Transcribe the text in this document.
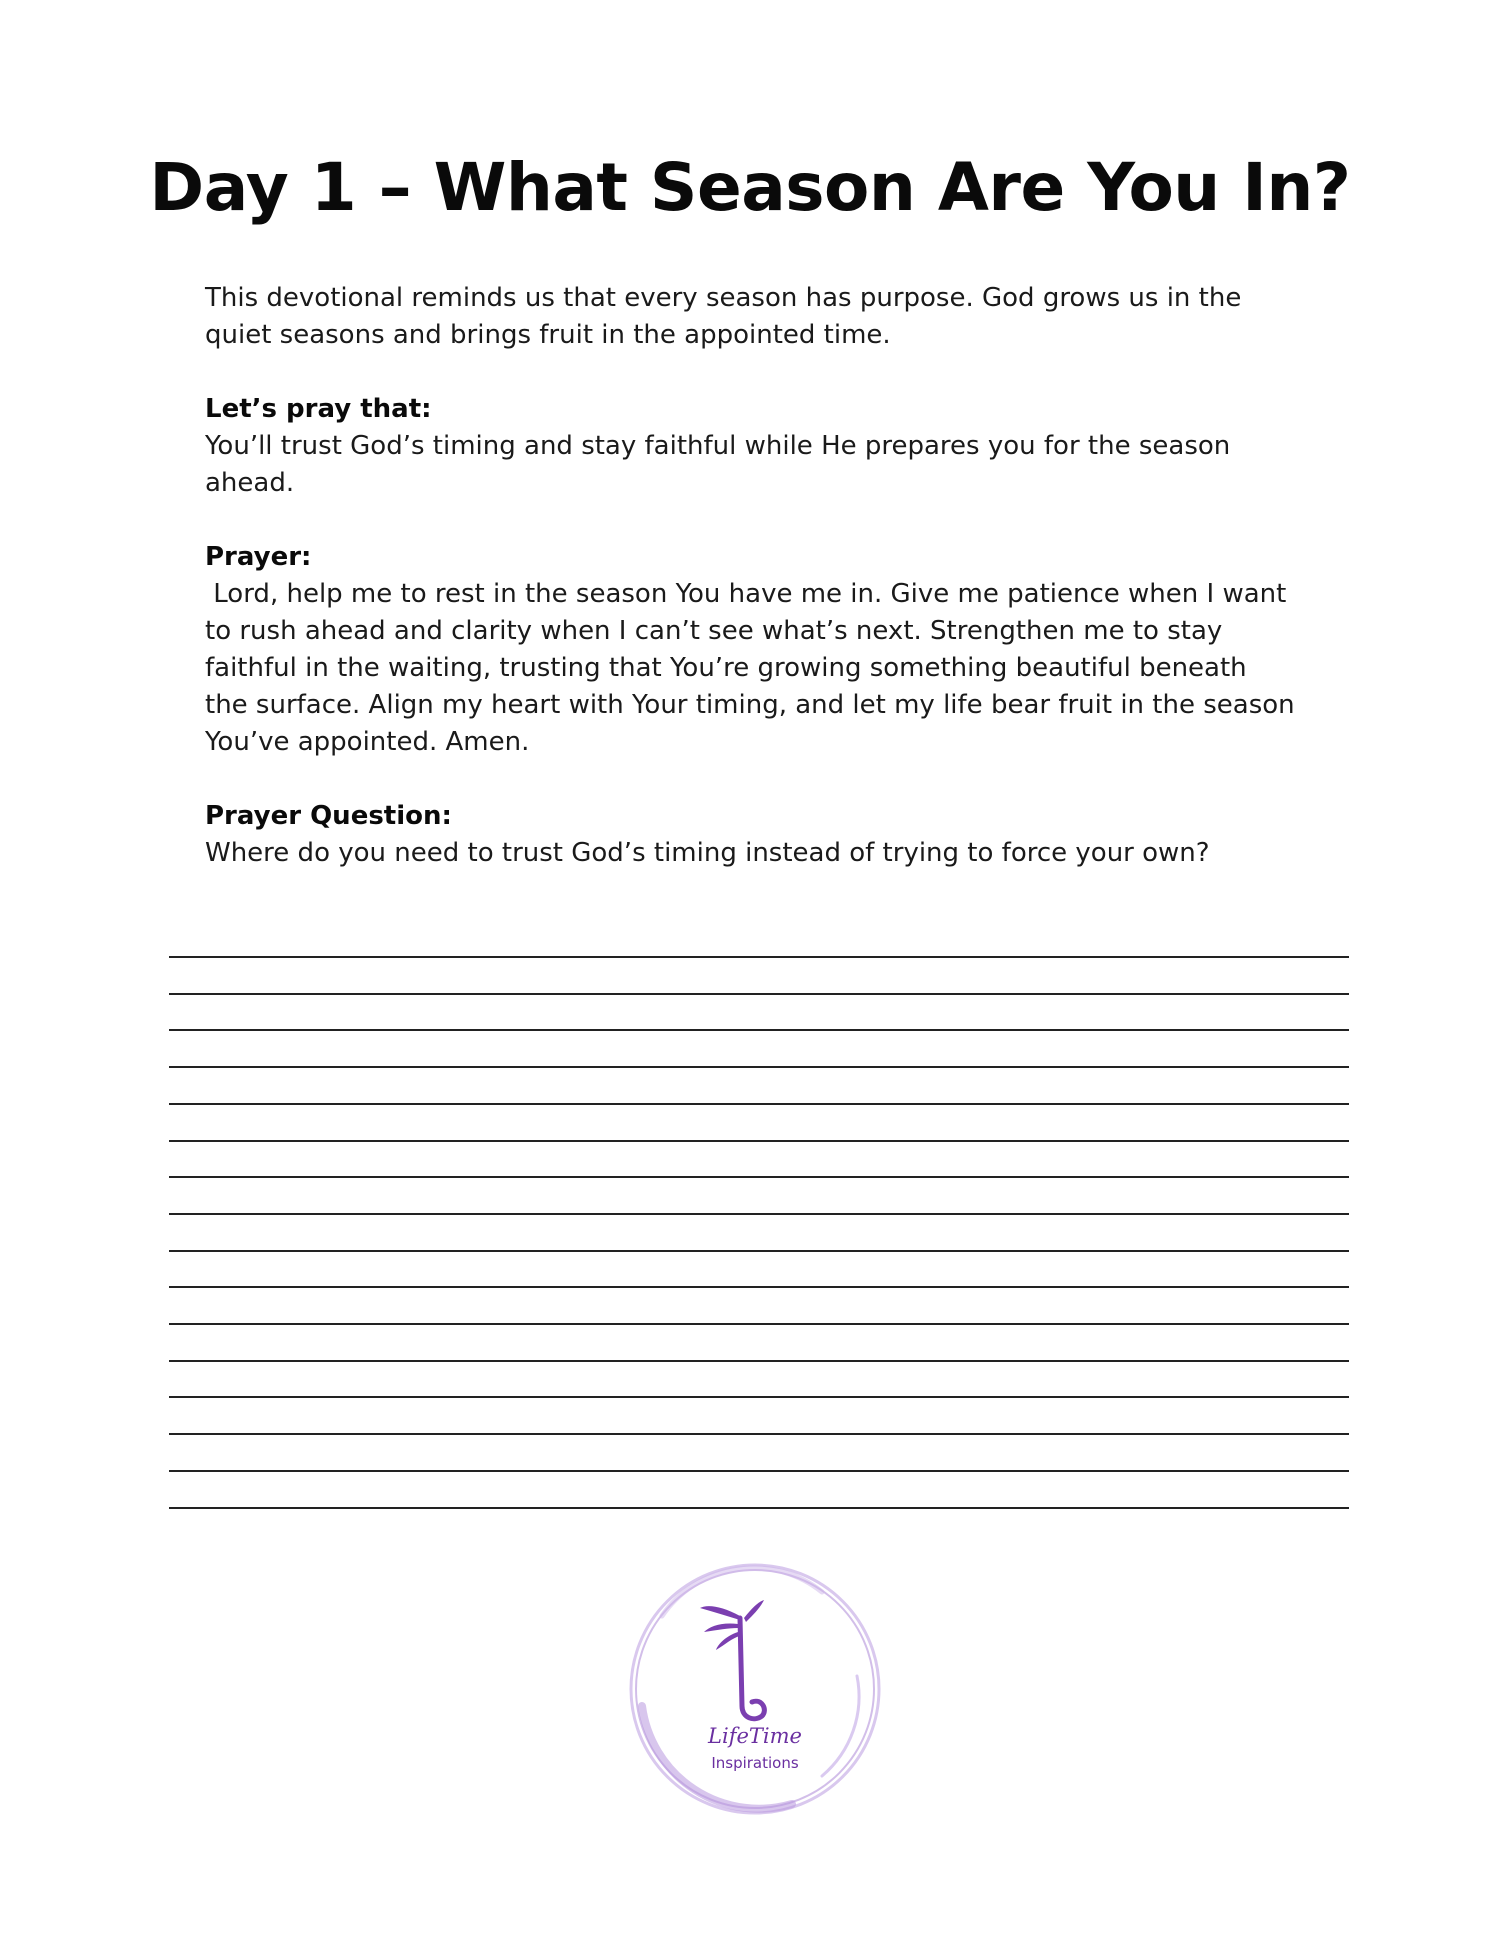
Day 1 – What Season Are You In?

This devotional reminds us that every season has purpose. God grows us in the
quiet seasons and brings fruit in the appointed time.

Let’s pray that:

You’ll trust God’s timing and stay faithful while He prepares you for the season
ahead.

Prayer:

Lord, help me to rest in the season You have me in. Give me patience when I want
to rush ahead and clarity when I can’t see what’s next. Strengthen me to stay
faithful in the waiting, trusting that You’re growing something beautiful beneath
the surface. Align my heart with Your timing, and let my life bear fruit in the season
You’ve appointed. Amen.

Prayer Question:

Where do you need to trust God’s timing instead of trying to force your own?

LifeTime
Inspirations
